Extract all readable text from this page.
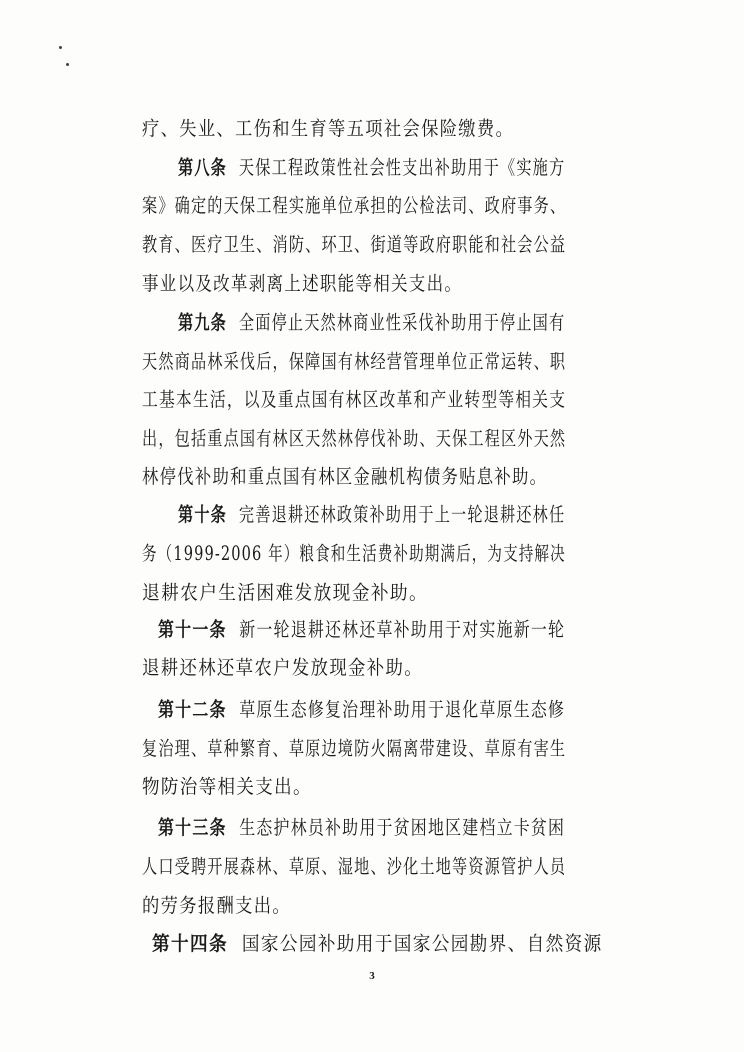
疗、失业、工伤和生育等五项社会保险缴费。
第八条 天保工程政策性社会性支出补助用于《实施方
案》确定的天保工程实施单位承担的公检法司、政府事务、
教育、医疗卫生、消防、环卫、街道等政府职能和社会公益
事业以及改革剥离上述职能等相关支出。
第九条 全面停止天然林商业性采伐补助用于停止国有
天然商品林采伐后，保障国有林经营管理单位正常运转、职
工基本生活，以及重点国有林区改革和产业转型等相关支
出，包括重点国有林区天然林停伐补助、天保工程区外天然
林停伐补助和重点国有林区金融机构债务贴息补助。
第十条 完善退耕还林政策补助用于上一轮退耕还林任
务（1999-2006 年）粮食和生活费补助期满后，为支持解决
退耕农户生活困难发放现金补助。
第十一条 新一轮退耕还林还草补助用于对实施新一轮
退耕还林还草农户发放现金补助。
第十二条 草原生态修复治理补助用于退化草原生态修
复治理、草种繁育、草原边境防火隔离带建设、草原有害生
物防治等相关支出。
第十三条 生态护林员补助用于贫困地区建档立卡贫困
人口受聘开展森林、草原、湿地、沙化土地等资源管护人员
的劳务报酬支出。
第十四条 国家公园补助用于国家公园勘界、自然资源
3
